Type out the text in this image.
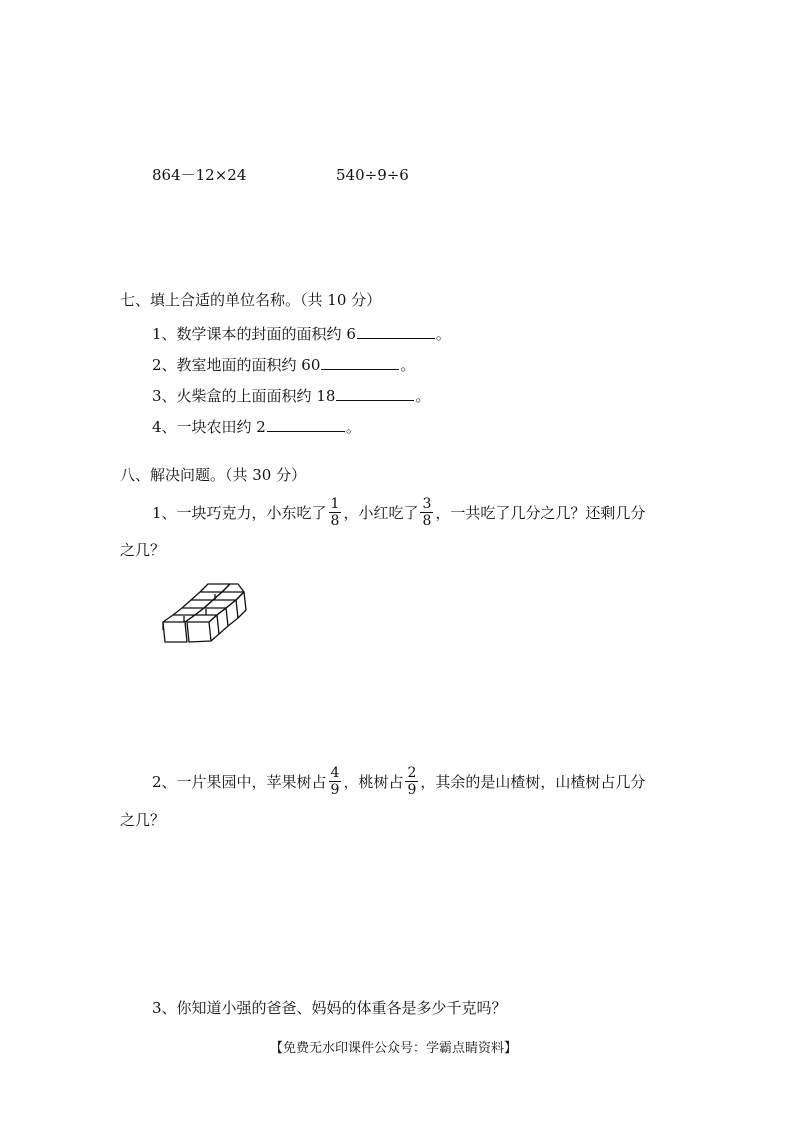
864－12×24	540÷9÷6
七、填上合适的单位名称。（共 10 分）
1、数学课本的封面的面积约 6	。
2、教室地面的面积约 60	。
3、火柴盒的上面面积约 18	。
4、一块农田约 2	。
八、解决问题。（共 30 分）
1、一块巧克力，小东吃了 $\frac{1}{8}$ ，小红吃了 $\frac{3}{8}$ ，一共吃了几分之几？还剩几分
之几？
2、一片果园中，苹果树占 $\frac{4}{9}$ ，桃树占 $\frac{2}{9}$ ，其余的是山楂树，山楂树占几分
之几？
3、你知道小强的爸爸、妈妈的体重各是多少千克吗？
【免费无水印课件公众号：学霸点睛资料】
